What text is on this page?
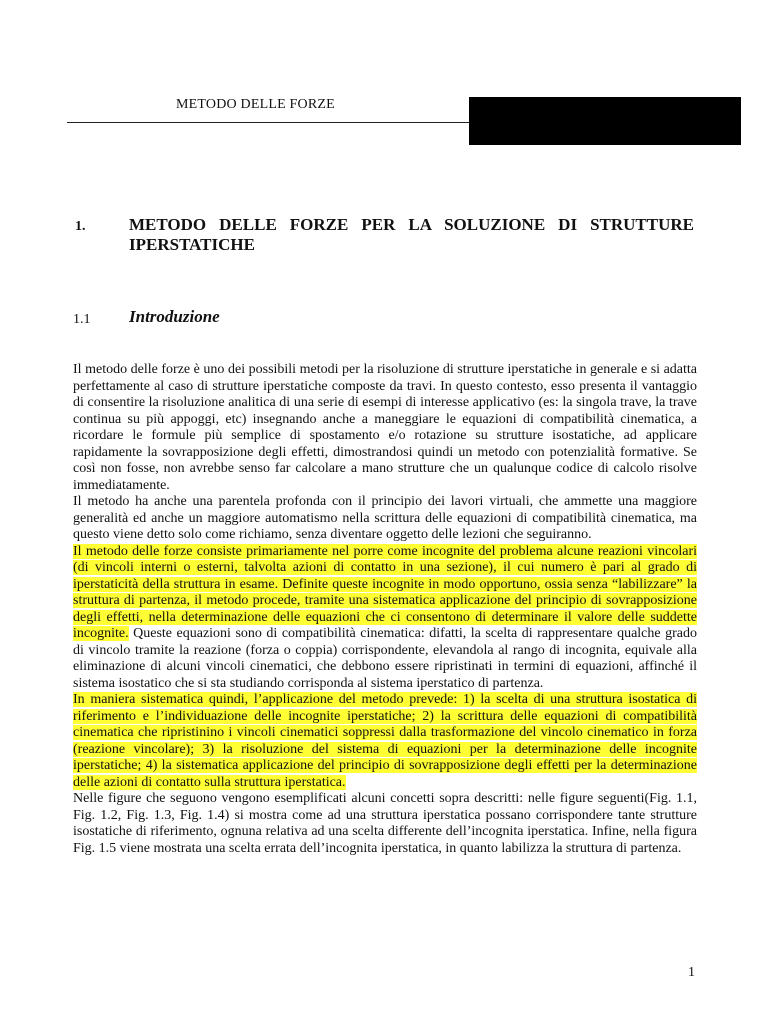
METODO DELLE FORZE
1.	METODO DELLE FORZE PER LA SOLUZIONE DI STRUTTURE IPERSTATICHE
1.1 Introduzione

Il metodo delle forze è uno dei possibili metodi per la risoluzione di strutture iperstatiche in generale e si adatta perfettamente al caso di strutture iperstatiche composte da travi. In questo contesto, esso presenta il vantaggio di consentire la risoluzione analitica di una serie di esempi di interesse applicativo (es: la singola trave, la trave continua su più appoggi, etc) insegnando anche a maneggiare le equazioni di compatibilità cinematica, a ricordare le formule più semplice di spostamento e/o rotazione su strutture isostatiche, ad applicare rapidamente la sovrapposizione degli effetti, dimostrandosi quindi un metodo con potenzialità formative. Se così non fosse, non avrebbe senso far calcolare a mano strutture che un qualunque codice di calcolo risolve immediatamente.

Il metodo ha anche una parentela profonda con il principio dei lavori virtuali, che ammette una maggiore generalità ed anche un maggiore automatismo nella scrittura delle equazioni di compatibilità cinematica, ma questo viene detto solo come richiamo, senza diventare oggetto delle lezioni che seguiranno.

Il metodo delle forze consiste primariamente nel porre come incognite del problema alcune reazioni vincolari (di vincoli interni o esterni, talvolta azioni di contatto in una sezione), il cui numero è pari al grado di iperstaticità della struttura in esame. Definite queste incognite in modo opportuno, ossia senza “labilizzare” la struttura di partenza, il metodo procede, tramite una sistematica applicazione del principio di sovrapposizione degli effetti, nella determinazione delle equazioni che ci consentono di determinare il valore delle suddette incognite. Queste equazioni sono di compatibilità cinematica: difatti, la scelta di rappresentare qualche grado di vincolo tramite la reazione (forza o coppia) corrispondente, elevandola al rango di incognita, equivale alla eliminazione di alcuni vincoli cinematici, che debbono essere ripristinati in termini di equazioni, affinché il sistema isostatico che si sta studiando corrisponda al sistema iperstatico di partenza.

In maniera sistematica quindi, l’applicazione del metodo prevede: 1) la scelta di una struttura isostatica di riferimento e l’individuazione delle incognite iperstatiche; 2) la scrittura delle equazioni di compatibilità cinematica che ripristinino i vincoli cinematici soppressi dalla trasformazione del vincolo cinematico in forza (reazione vincolare); 3) la risoluzione del sistema di equazioni per la determinazione delle incognite iperstatiche; 4) la sistematica applicazione del principio di sovrapposizione degli effetti per la determinazione delle azioni di contatto sulla struttura iperstatica.

Nelle figure che seguono vengono esemplificati alcuni concetti sopra descritti: nelle figure seguenti(Fig. 1.1, Fig. 1.2, Fig. 1.3, Fig. 1.4) si mostra come ad una struttura iperstatica possano corrispondere tante strutture isostatiche di riferimento, ognuna relativa ad una scelta differente dell’incognita iperstatica. Infine, nella figura Fig. 1.5 viene mostrata una scelta errata dell’incognita iperstatica, in quanto labilizza la struttura di partenza.

1
